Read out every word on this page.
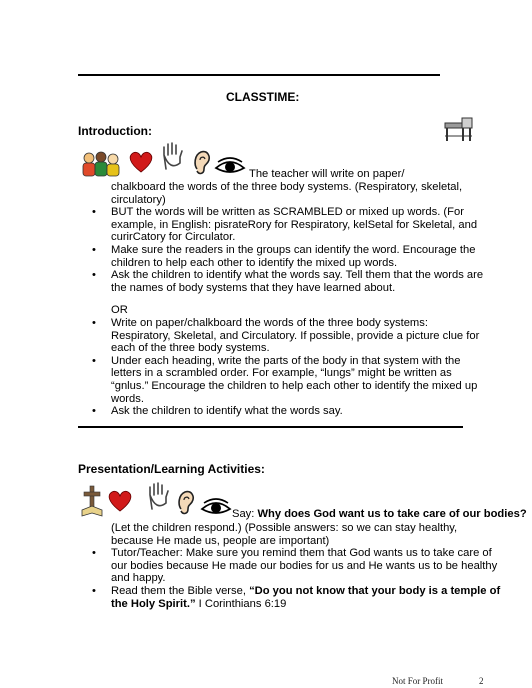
CLASSTIME:
Introduction:
The teacher will write on paper/
chalkboard the words of the three body systems. (Respiratory, skeletal, circulatory)
• BUT the words will be written as SCRAMBLED or mixed up words. (For example, in English: pisrateRory for Respiratory, kelSetal for Skeletal, and curirCatory for Circulator.
• Make sure the readers in the groups can identify the word. Encourage the children to help each other to identify the mixed up words.
• Ask the children to identify what the words say. Tell them that the words are the names of body systems that they have learned about.
OR
• Write on paper/chalkboard the words of the three body systems: Respiratory, Skeletal, and Circulatory. If possible, provide a picture clue for each of the three body systems.
• Under each heading, write the parts of the body in that system with the letters in a scrambled order. For example, “lungs” might be written as “gnlus.” Encourage the children to help each other to identify the mixed up words.
• Ask the children to identify what the words say.
Presentation/Learning Activities:
Say: Why does God want us to take care of our bodies?
(Let the children respond.) (Possible answers: so we can stay healthy, because He made us, people are important)
• Tutor/Teacher: Make sure you remind them that God wants us to take care of our bodies because He made our bodies for us and He wants us to be healthy and happy.
• Read them the Bible verse, “Do you not know that your body is a temple of the Holy Spirit.” I Corinthians 6:19
Not For Profit	2
